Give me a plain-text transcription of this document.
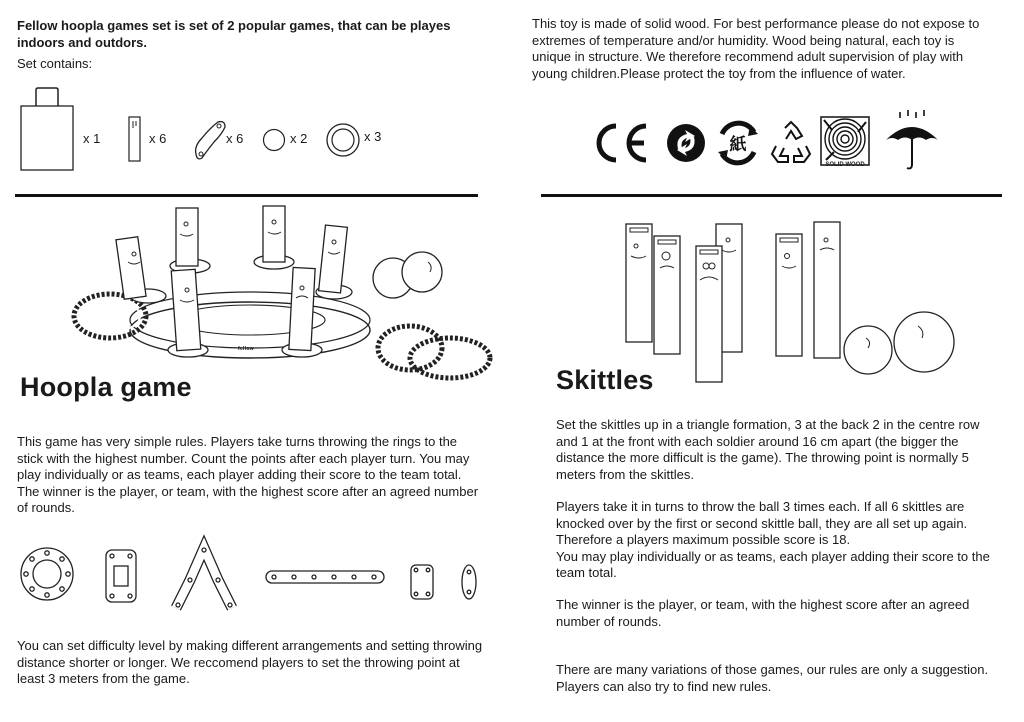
Fellow hoopla games set is set of 2 popular games, that can be playes indoors and outdors.
Set contains:
x 1	x 6	x 6	x 2	x 3
fellow
Hoopla game
This game has very simple rules. Players take turns throwing the rings to the stick with the highest number. Count the points after each player turn. You may play individually or as teams, each player adding their score to the team total.
The winner is the player, or team, with the highest score after an agreed number of rounds.
You can set difficulty level by making different arrangements and setting throwing distance shorter or longer. We reccomend players to set the throwing point at least 3 meters from the game.
This toy is made of solid wood. For best performance please do not expose to extremes of temperature and/or humidity. Wood being natural, each toy is unique in structure. We therefore recommend adult supervision of play with young children.Please protect the toy from the influence of water.
紙
SOLID WOOD
Skittles
Set the skittles up in a triangle formation, 3 at the back 2 in the centre row and 1 at the front with each soldier around 16 cm apart (the bigger the distance the more difficult is the game). The throwing point is normally 5 meters from the skittles.
Players take it in turns to throw the ball 3 times each. If all 6 skittles are knocked over by the first or second skittle ball, they are all set up again. Therefore a players maximum possible score is 18.
You may play individually or as teams, each player adding their score to the team total.
The winner is the player, or team, with the highest score after an agreed number of rounds.
There are many variations of those games, our rules are only a suggestion. Players can also try to find new rules.
